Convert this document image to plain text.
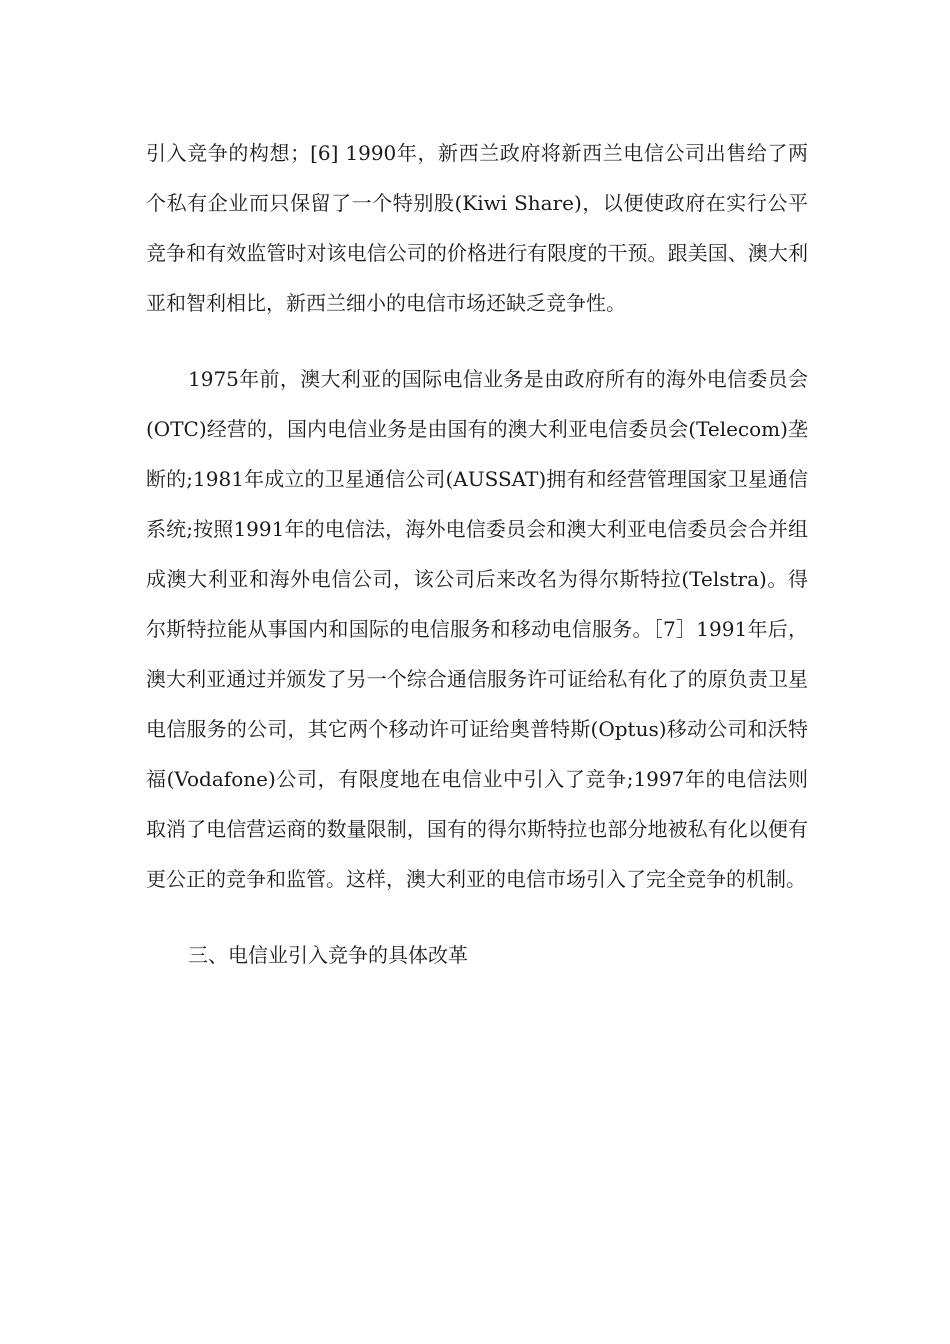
引入竞争的构想；[6] 1990年，新西兰政府将新西兰电信公司出售给了两个私有企业而只保留了一个特别股(Kiwi Share)，以便使政府在实行公平竞争和有效监管时对该电信公司的价格进行有限度的干预。跟美国、澳大利亚和智利相比，新西兰细小的电信市场还缺乏竞争性。

1975年前，澳大利亚的国际电信业务是由政府所有的海外电信委员会(OTC)经营的，国内电信业务是由国有的澳大利亚电信委员会(Telecom)垄断的;1981年成立的卫星通信公司(AUSSAT)拥有和经营管理国家卫星通信系统;按照1991年的电信法，海外电信委员会和澳大利亚电信委员会合并组成澳大利亚和海外电信公司，该公司后来改名为得尔斯特拉(Telstra)。得尔斯特拉能从事国内和国际的电信服务和移动电信服务。［7］1991年后，澳大利亚通过并颁发了另一个综合通信服务许可证给私有化了的原负责卫星电信服务的公司，其它两个移动许可证给奥普特斯(Optus)移动公司和沃特福(Vodafone)公司，有限度地在电信业中引入了竞争;1997年的电信法则取消了电信营运商的数量限制，国有的得尔斯特拉也部分地被私有化以便有更公正的竞争和监管。这样，澳大利亚的电信市场引入了完全竞争的机制。

三、电信业引入竞争的具体改革
